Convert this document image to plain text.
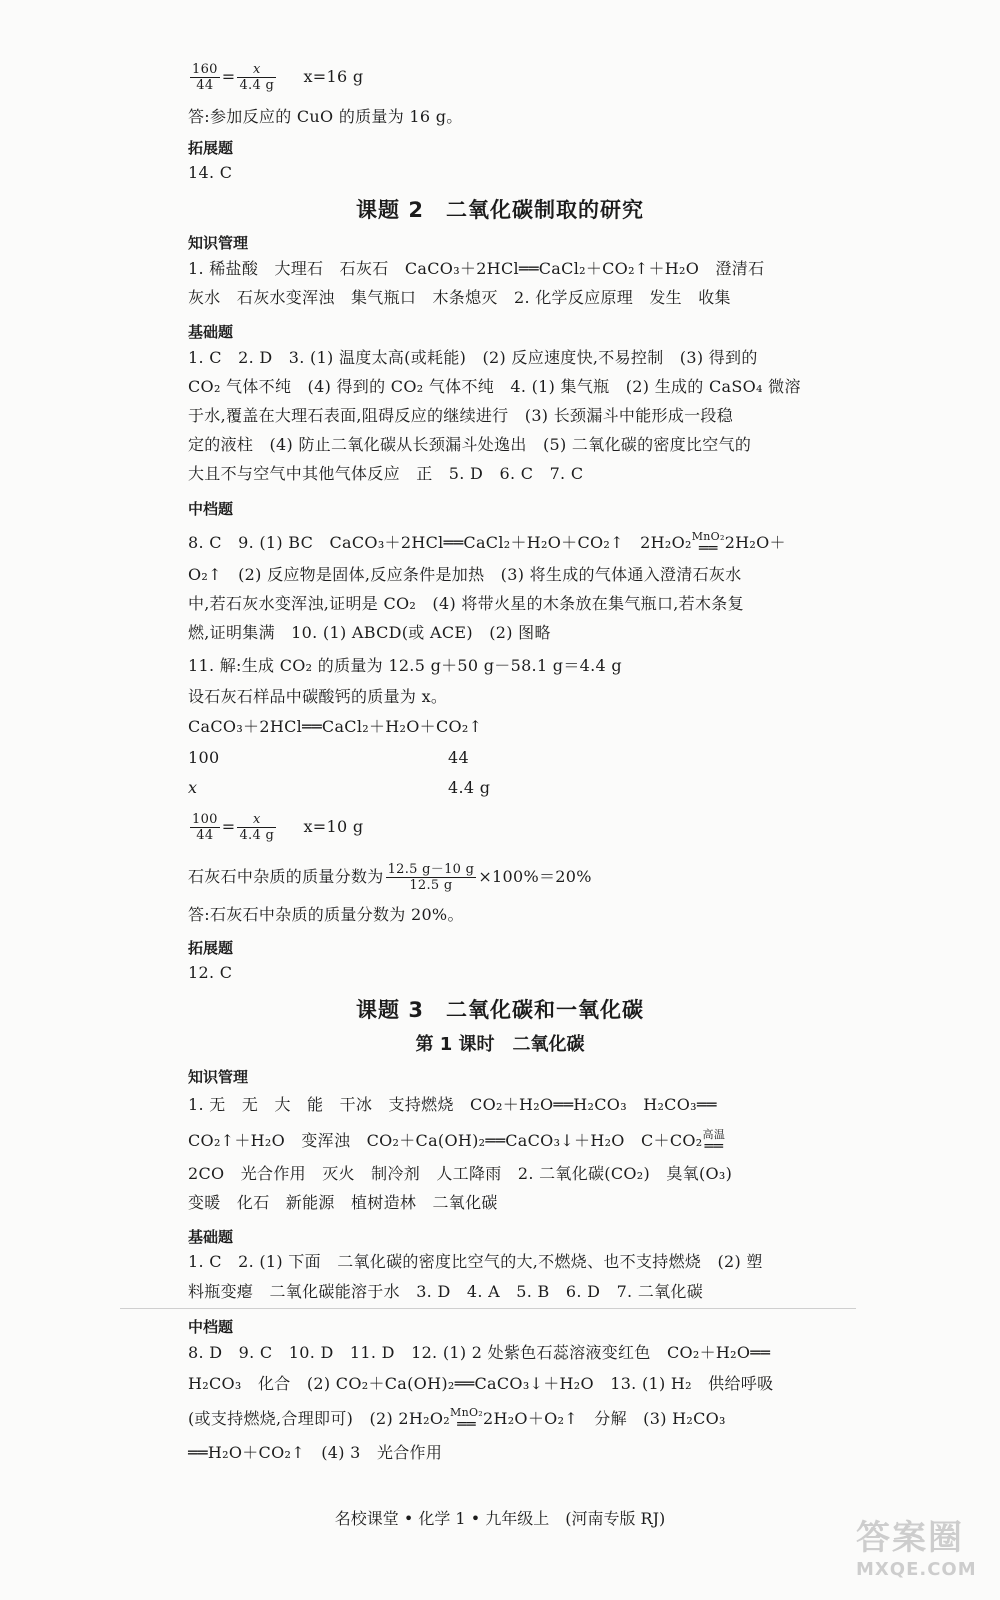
$\frac{160}{44} = \frac{x}{4.4 g} x=16$ g
答:参加反应的 CuO 的质量为 16 g。
拓展题
14. C
课题 2　二氧化碳制取的研究
知识管理
1. 稀盐酸　大理石　石灰石　CaCO₃＋2HCl══CaCl₂＋CO₂↑＋H₂O　澄清石
灰水　石灰水变浑浊　集气瓶口　木条熄灭　2. 化学反应原理　发生　收集
基础题
1. C　2. D　3. (1) 温度太高(或耗能)　(2) 反应速度快,不易控制　(3) 得到的
CO₂ 气体不纯　(4) 得到的 CO₂ 气体不纯　4. (1) 集气瓶　(2) 生成的 CaSO₄ 微溶
于水,覆盖在大理石表面,阻碍反应的继续进行　(3) 长颈漏斗中能形成一段稳
定的液柱　(4) 防止二氧化碳从长颈漏斗处逸出　(5) 二氧化碳的密度比空气的
大且不与空气中其他气体反应　正　5. D　6. C　7. C
中档题
8. C　9. (1) BC　CaCO₃＋2HCl══CaCl₂＋H₂O＋CO₂↑　2H₂O₂ MnO₂
══ 2H₂O＋
O₂↑　(2) 反应物是固体,反应条件是加热　(3) 将生成的气体通入澄清石灰水
中,若石灰水变浑浊,证明是 CO₂　(4) 将带火星的木条放在集气瓶口,若木条复
燃,证明集满　10. (1) ABCD(或 ACE)　(2) 图略
11. 解:生成 CO₂ 的质量为 12.5 g＋50 g－58.1 g＝4.4 g
设石灰石样品中碳酸钙的质量为 x。
CaCO₃＋2HCl══CaCl₂＋H₂O＋CO₂↑
100	44
x	4.4 g
$\frac{100}{44} = \frac{x}{4.4 g} x=10$ g
石灰石中杂质的质量分数为 $\frac{12.5 g-10 g}{12.5 g} \times 100\%=20\%$
答:石灰石中杂质的质量分数为 20%。
拓展题
12. C
课题 3　二氧化碳和一氧化碳
第 1 课时　二氧化碳
知识管理
1. 无　无　大　能　干冰　支持燃烧　CO₂＋H₂O══H₂CO₃　H₂CO₃══
CO₂↑＋H₂O　变浑浊　CO₂＋Ca(OH)₂══CaCO₃↓＋H₂O　C＋CO₂ 高温
══
2CO　光合作用　灭火　制冷剂　人工降雨　2. 二氧化碳(CO₂)　臭氧(O₃)
变暖　化石　新能源　植树造林　二氧化碳
基础题
1. C　2. (1) 下面　二氧化碳的密度比空气的大,不燃烧、也不支持燃烧　(2) 塑
料瓶变瘪　二氧化碳能溶于水　3. D　4. A　5. B　6. D　7. 二氧化碳
中档题
8. D　9. C　10. D　11. D　12. (1) 2 处紫色石蕊溶液变红色　CO₂＋H₂O══
H₂CO₃　化合　(2) CO₂＋Ca(OH)₂══CaCO₃↓＋H₂O　13. (1) H₂　供给呼吸
(或支持燃烧,合理即可)　(2) 2H₂O₂ MnO₂
══ 2H₂O＋O₂↑　分解　(3) H₂CO₃
══H₂O＋CO₂↑　(4) 3　光合作用
名校课堂 • 化学 1 • 九年级上　(河南专版 RJ)	答案圈
MXQE.COM
